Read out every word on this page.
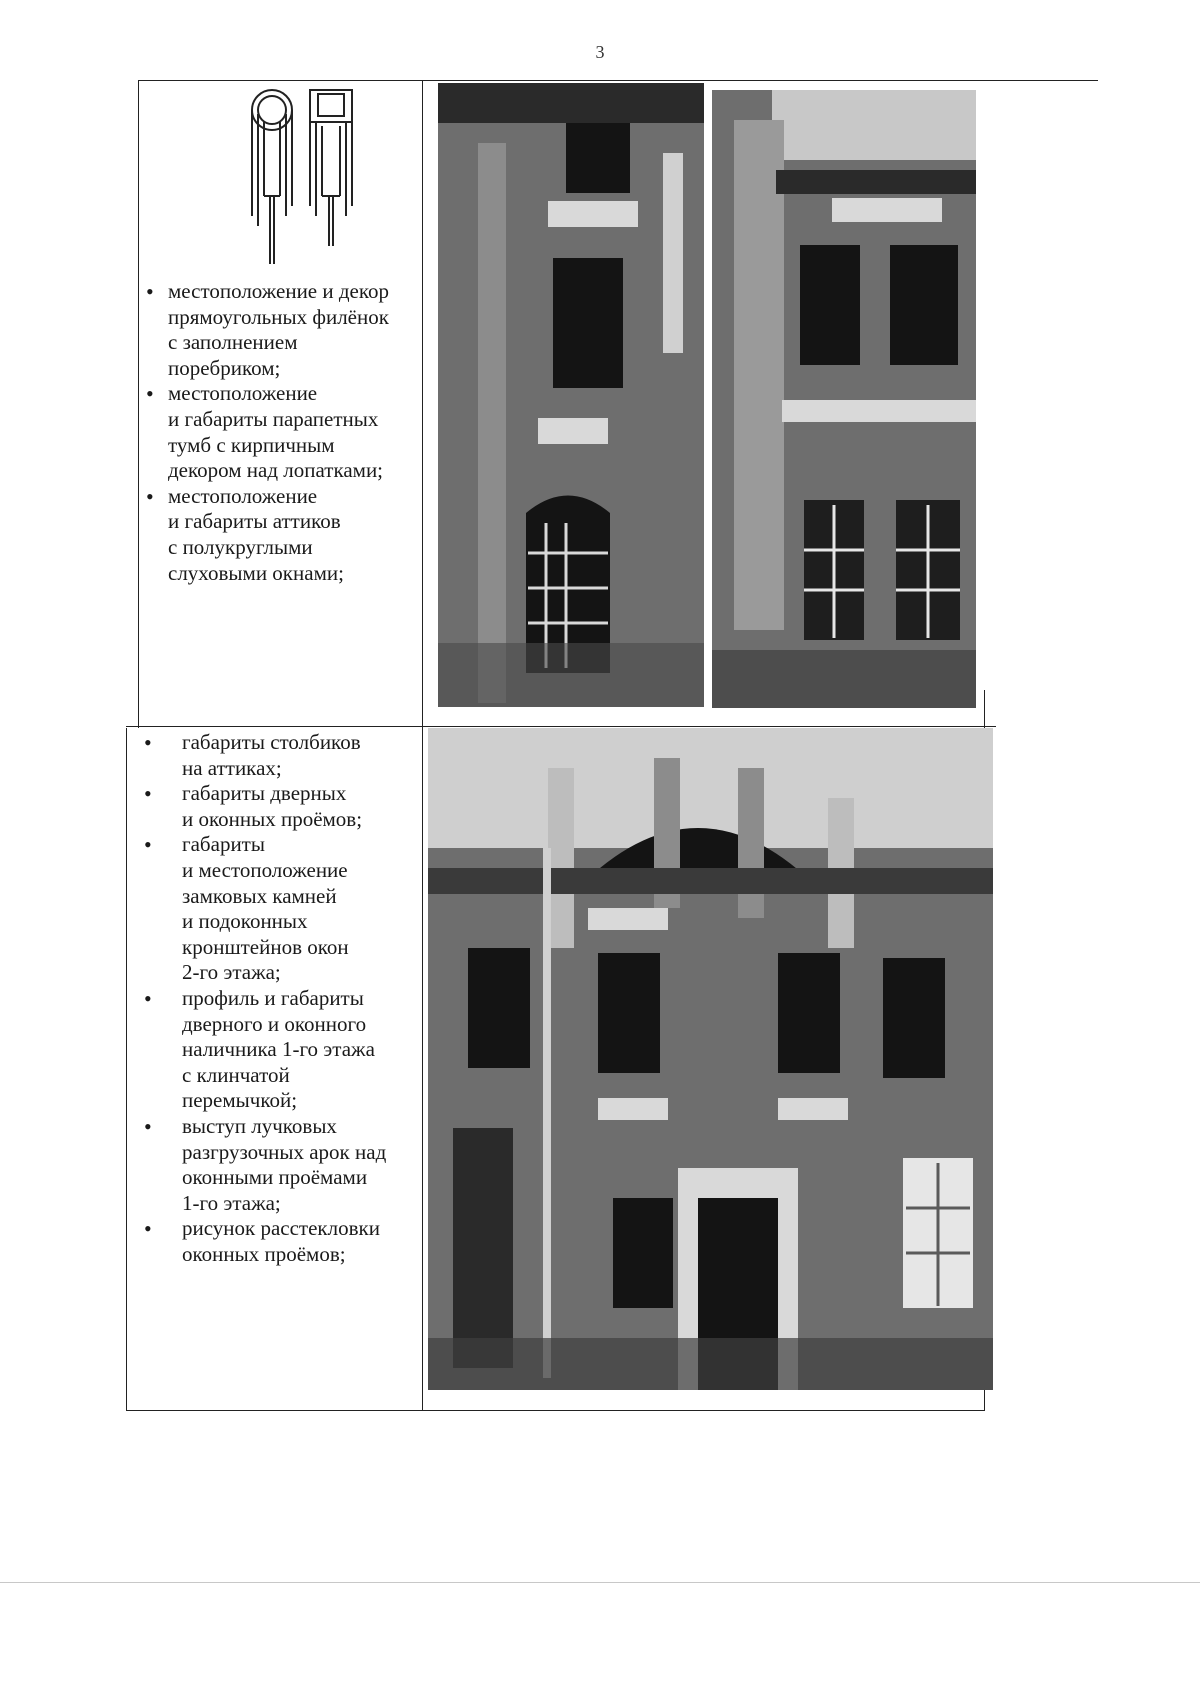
3
• местоположение и декор
прямоугольных филёнок
с заполнением
поребриком;
• местоположение
и габариты парапетных
тумб с кирпичным
декором над лопатками;
• местоположение
и габариты аттиков
с полукруглыми
слуховыми окнами;
• габариты столбиков
на аттиках;
• габариты дверных
и оконных проёмов;
• габариты
и местоположение
замковых камней
и подоконных
кронштейнов окон
2-го этажа;
• профиль и габариты
дверного и оконного
наличника 1-го этажа
с клинчатой
перемычкой;
• выступ лучковых
разгрузочных арок над
оконными проёмами
1-го этажа;
• рисунок расстекловки
оконных проёмов;
